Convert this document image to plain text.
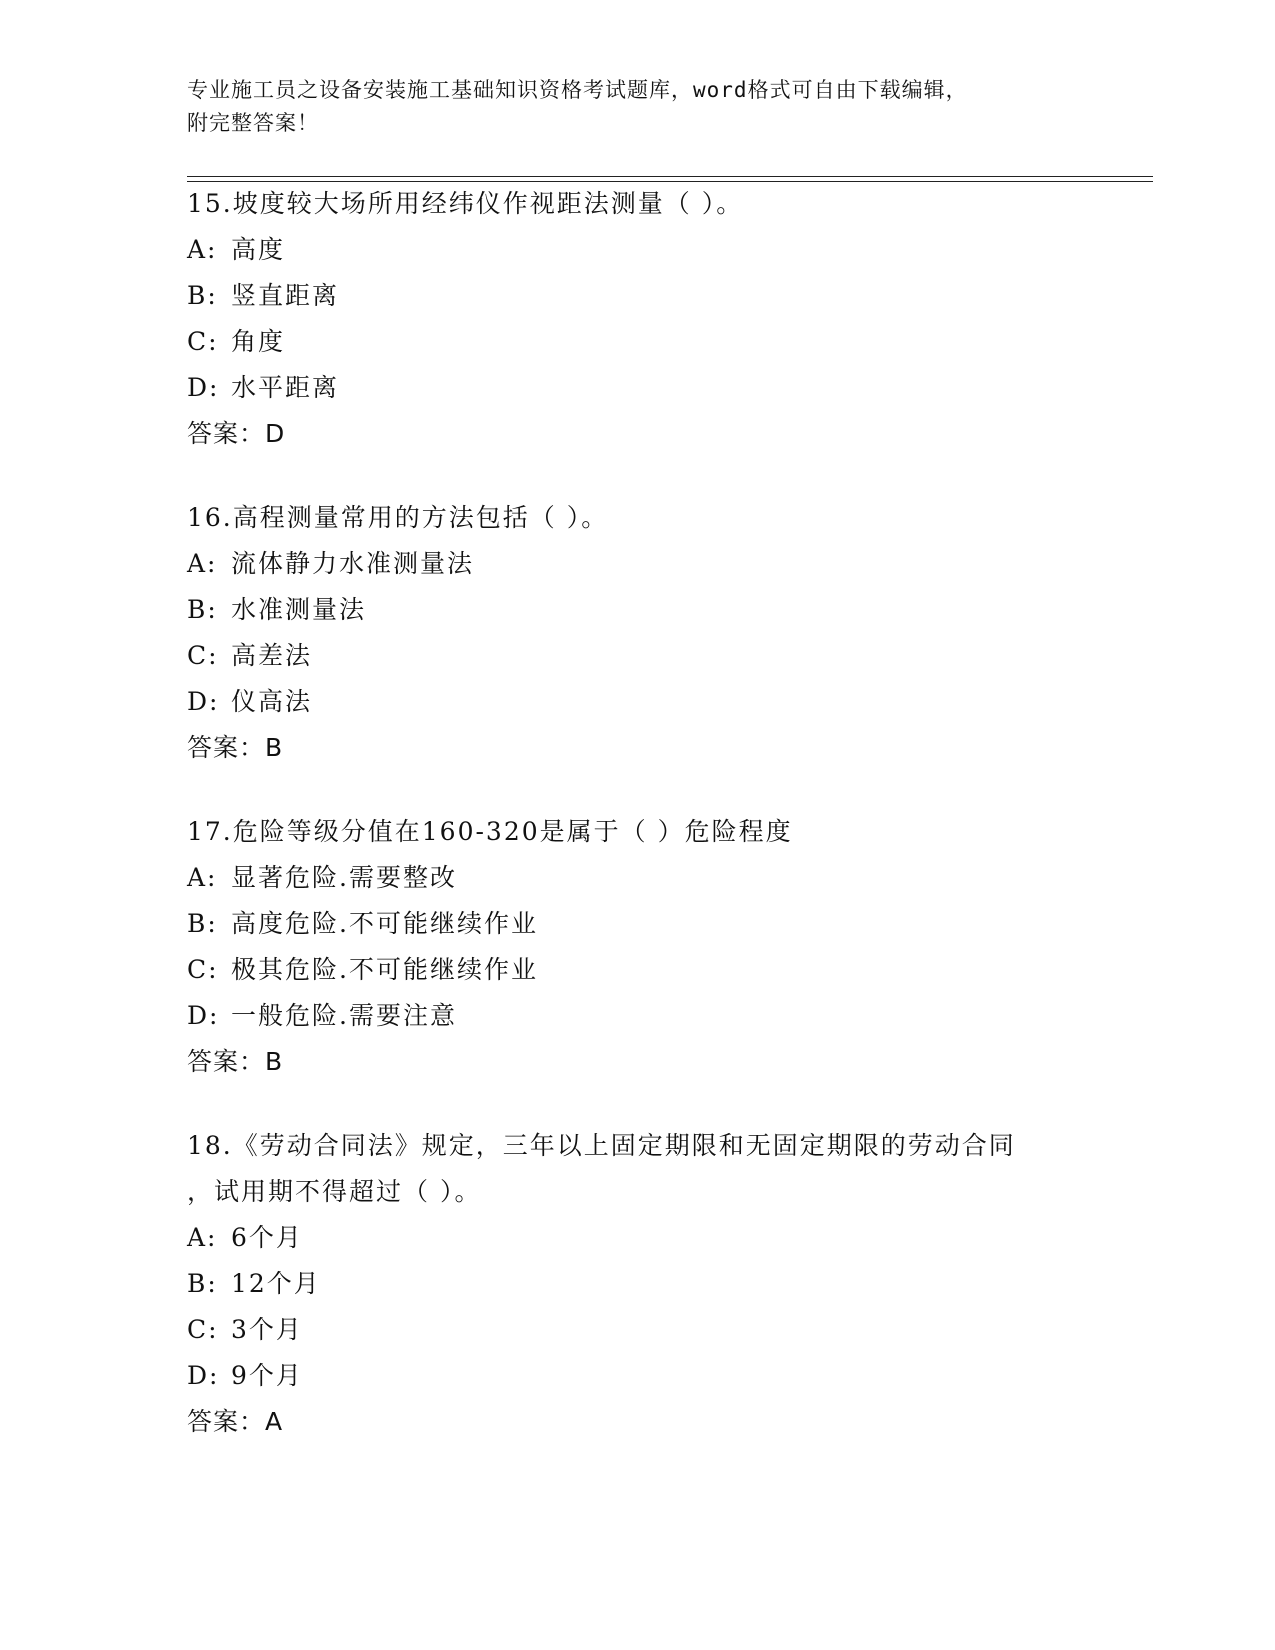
专业施工员之设备安装施工基础知识资格考试题库，word格式可自由下载编辑，
附完整答案！
15.坡度较大场所用经纬仪作视距法测量（ ）。
A: 高度
B: 竖直距离
C: 角度
D: 水平距离
答案：D
16.高程测量常用的方法包括（ ）。
A: 流体静力水准测量法
B: 水准测量法
C: 高差法
D: 仪高法
答案：B
17.危险等级分值在160-320是属于（ ）危险程度
A: 显著危险.需要整改
B: 高度危险.不可能继续作业
C: 极其危险.不可能继续作业
D: 一般危险.需要注意
答案：B
18.《劳动合同法》规定，三年以上固定期限和无固定期限的劳动合同
，试用期不得超过（ ）。
A: 6个月
B: 12个月
C: 3个月
D: 9个月
答案：A
